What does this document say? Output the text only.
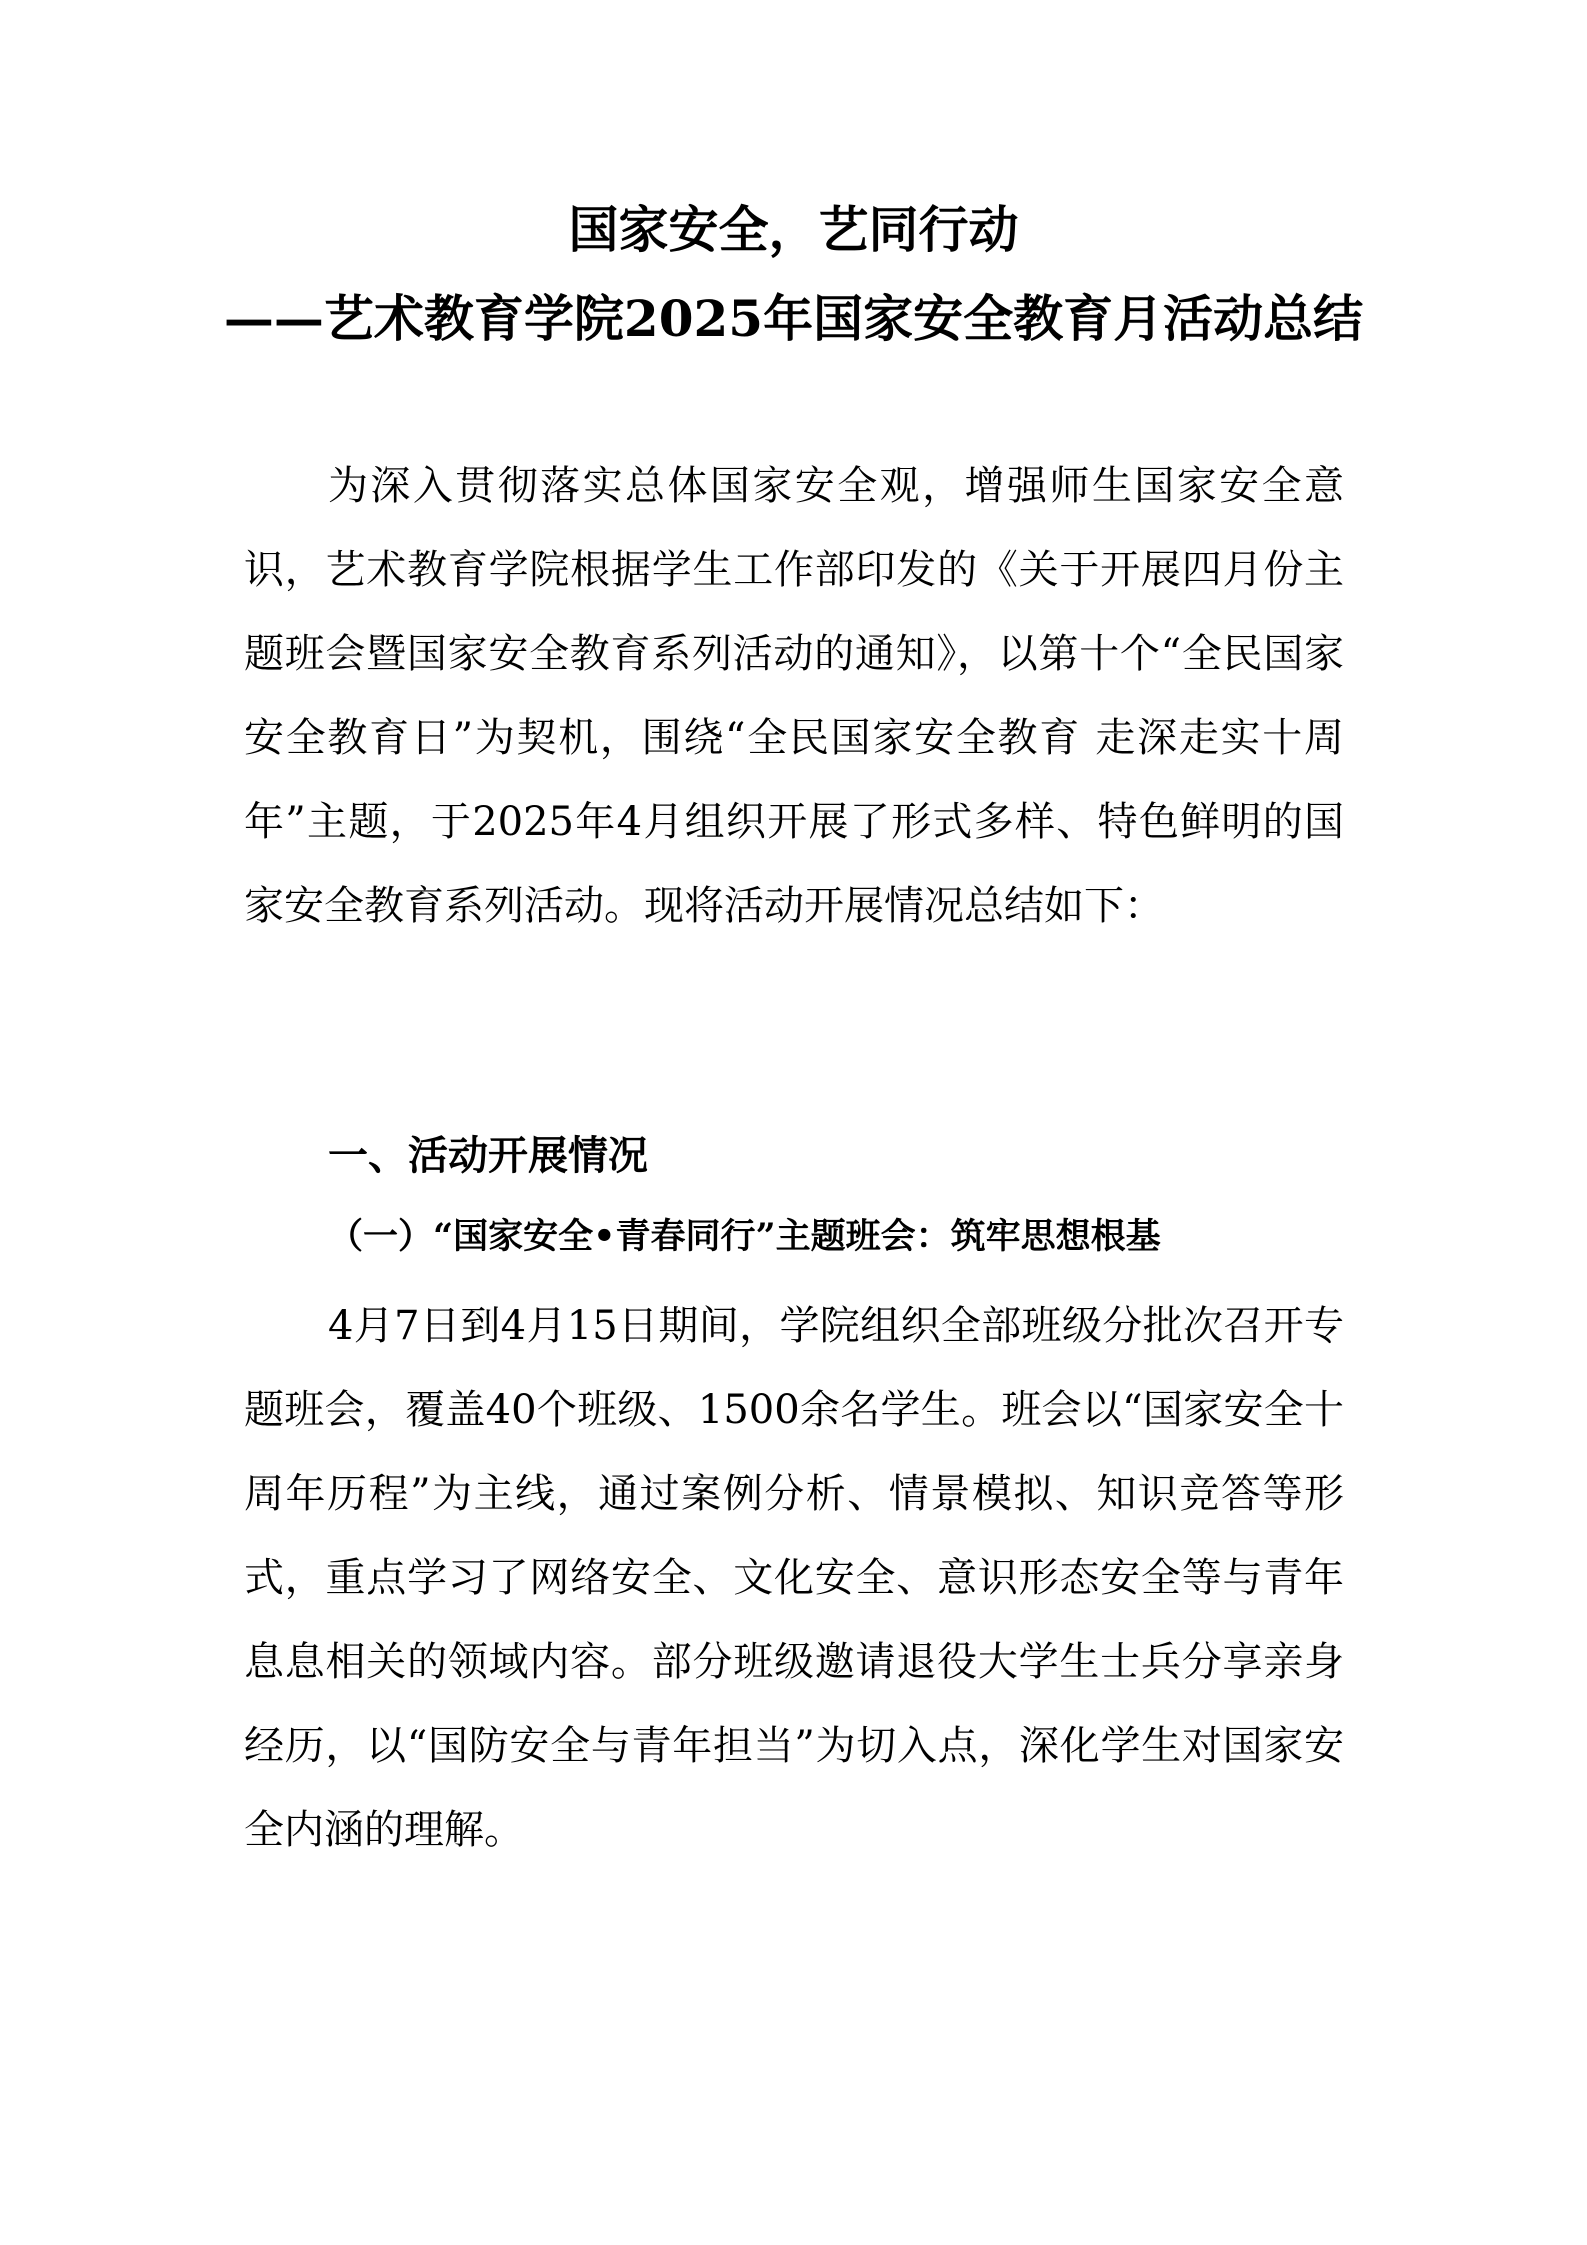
国家安全，艺同行动
——艺术教育学院2025年国家安全教育月活动总结

为深入贯彻落实总体国家安全观，增强师生国家安全意识，艺术教育学院根据学生工作部印发的《关于开展四月份主题班会暨国家安全教育系列活动的通知》，以第十个“全民国家安全教育日”为契机，围绕“全民国家安全教育 走深走实十周年”主题，于2025年4月组织开展了形式多样、特色鲜明的国家安全教育系列活动。现将活动开展情况总结如下：

一、活动开展情况
（一）“国家安全•青春同行”主题班会：筑牢思想根基

4月7日到4月15日期间，学院组织全部班级分批次召开专题班会，覆盖40个班级、1500余名学生。班会以“国家安全十周年历程”为主线，通过案例分析、情景模拟、知识竞答等形式，重点学习了网络安全、文化安全、意识形态安全等与青年息息相关的领域内容。部分班级邀请退役大学生士兵分享亲身经历，以“国防安全与青年担当”为切入点，深化学生对国家安全内涵的理解。
